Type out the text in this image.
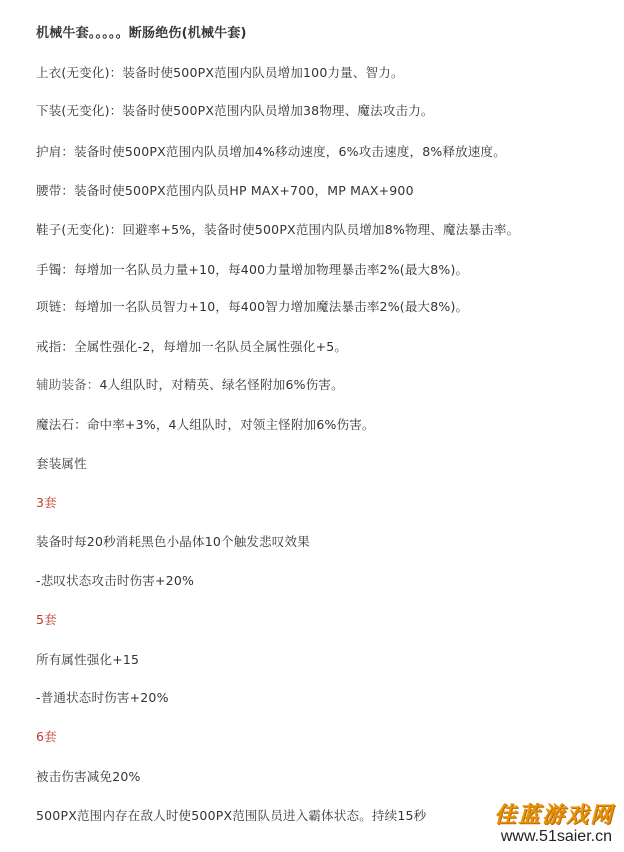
机械牛套。。。。。断肠绝伤(机械牛套)
上衣(无变化)：装备时使500PX范围内队员增加100力量、智力。
下装(无变化)：装备时使500PX范围内队员增加38物理、魔法攻击力。
护肩：装备时使500PX范围内队员增加4%移动速度，6%攻击速度，8%释放速度。
腰带：装备时使500PX范围内队员HP MAX+700，MP MAX+900
鞋子(无变化)：回避率+5%，装备时使500PX范围内队员增加8%物理、魔法暴击率。
手镯：每增加一名队员力量+10，每400力量增加物理暴击率2%(最大8%)。
项链：每增加一名队员智力+10，每400智力增加魔法暴击率2%(最大8%)。
戒指：全属性强化-2，每增加一名队员全属性强化+5。
辅助装备：4人组队时，对精英、绿名怪附加6%伤害。
魔法石：命中率+3%，4人组队时，对领主怪附加6%伤害。
套装属性
3套
装备时每20秒消耗黑色小晶体10个触发悲叹效果
-悲叹状态攻击时伤害+20%
5套
所有属性强化+15
-普通状态时伤害+20%
6套
被击伤害减免20%
500PX范围内存在敌人时使500PX范围队员进入霸体状态。持续15秒	佳蓝游戏网
www.51saier.cn
